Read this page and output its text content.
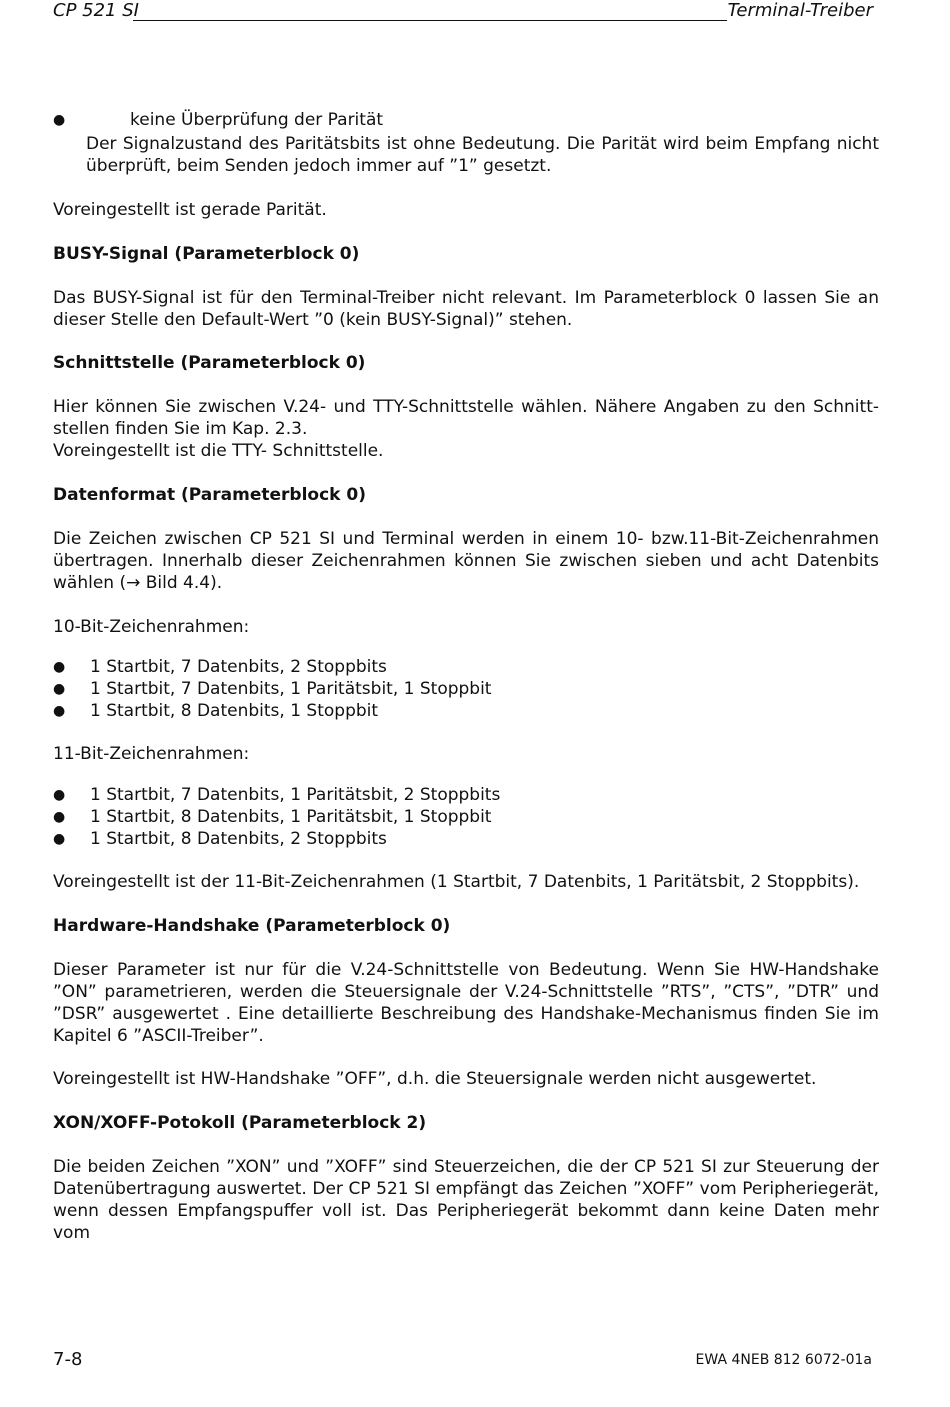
CP 521 SI	Terminal-Treiber
●	keine Überprüfung der Parität
Der Signalzustand des Paritätsbits ist ohne Bedeutung. Die Parität wird beim Empfang nicht überprüft, beim Senden jedoch immer auf ”1” gesetzt.
Voreingestellt ist gerade Parität.
BUSY-Signal (Parameterblock 0)
Das BUSY-Signal ist für den Terminal-Treiber nicht relevant. Im Parameterblock 0 lassen Sie an dieser Stelle den Default-Wert ”0 (kein BUSY-Signal)” stehen.
Schnittstelle (Parameterblock 0)
Hier können Sie zwischen V.24- und TTY-Schnittstelle wählen. Nähere Angaben zu den Schnitt-
stellen finden Sie im Kap. 2.3.
Voreingestellt ist die TTY- Schnittstelle.
Datenformat (Parameterblock 0)
Die Zeichen zwischen CP 521 SI und Terminal werden in einem 10- bzw.11-Bit-Zeichenrahmen übertragen. Innerhalb dieser Zeichenrahmen können Sie zwischen sieben und acht Datenbits wählen (→ Bild 4.4).
10-Bit-Zeichenrahmen:
● 1 Startbit, 7 Datenbits, 2 Stoppbits
● 1 Startbit, 7 Datenbits, 1 Paritätsbit, 1 Stoppbit
● 1 Startbit, 8 Datenbits, 1 Stoppbit
11-Bit-Zeichenrahmen:
● 1 Startbit, 7 Datenbits, 1 Paritätsbit, 2 Stoppbits
● 1 Startbit, 8 Datenbits, 1 Paritätsbit, 1 Stoppbit
● 1 Startbit, 8 Datenbits, 2 Stoppbits
Voreingestellt ist der 11-Bit-Zeichenrahmen (1 Startbit, 7 Datenbits, 1 Paritätsbit, 2 Stoppbits).
Hardware-Handshake (Parameterblock 0)
Dieser Parameter ist nur für die V.24-Schnittstelle von Bedeutung. Wenn Sie HW-Handshake ”ON” parametrieren, werden die Steuersignale der V.24-Schnittstelle ”RTS”, ”CTS”, ”DTR” und ”DSR” ausgewertet . Eine detaillierte Beschreibung des Handshake-Mechanismus finden Sie im Kapitel 6 ”ASCII-Treiber”.
Voreingestellt ist HW-Handshake ”OFF”, d.h. die Steuersignale werden nicht ausgewertet.
XON/XOFF-Potokoll (Parameterblock 2)
Die beiden Zeichen ”XON” und ”XOFF” sind Steuerzeichen, die der CP 521 SI zur Steuerung der Datenübertragung auswertet. Der CP 521 SI empfängt das Zeichen ”XOFF” vom Peripheriegerät, wenn dessen Empfangspuffer voll ist. Das Peripheriegerät bekommt dann keine Daten mehr vom
7-8	EWA 4NEB 812 6072-01a
